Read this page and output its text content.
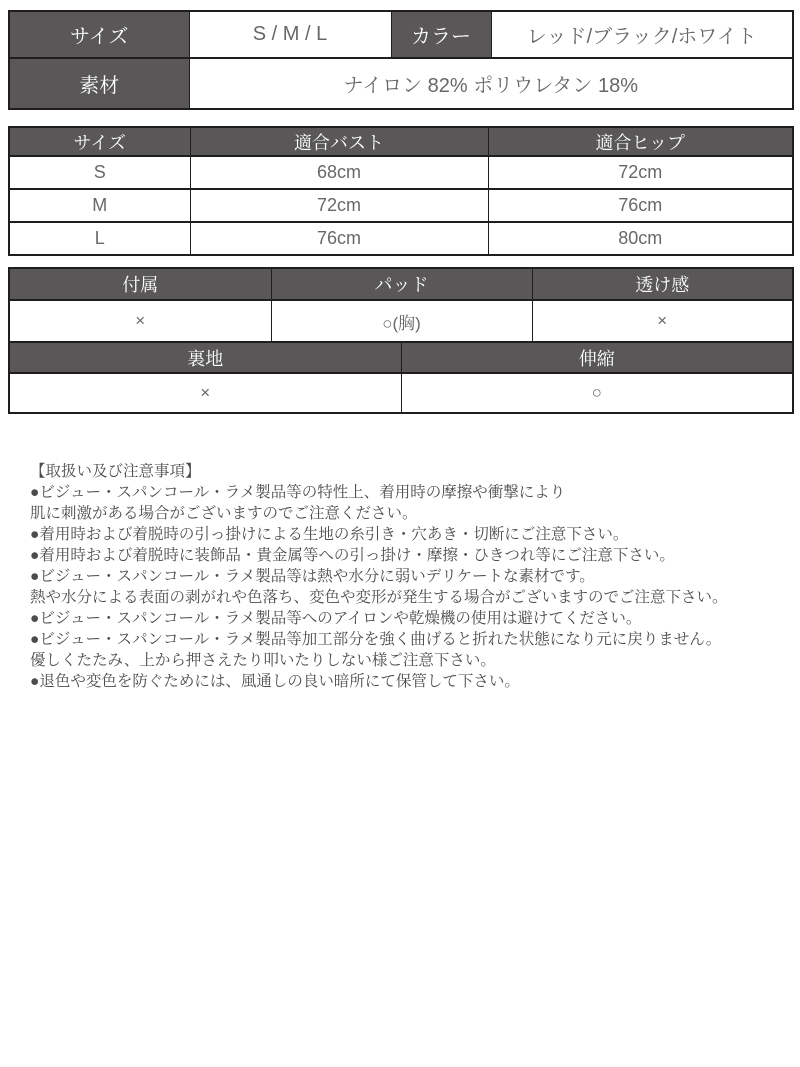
サイズ	S / M / L	カラー	レッド/ブラック/ホワイト
素材	ナイロン 82% ポリウレタン 18%		
サイズ	適合バスト	適合ヒップ
S	68cm	72cm
M	72cm	76cm
L	76cm	80cm
付属	パッド		透け感
×	○(胸)		×
裏地		伸縮	
×		○	
【取扱い及び注意事項】
●ビジュー・スパンコール・ラメ製品等の特性上、着用時の摩擦や衝撃により
肌に刺激がある場合がございますのでご注意ください。
●着用時および着脱時の引っ掛けによる生地の糸引き・穴あき・切断にご注意下さい。
●着用時および着脱時に装飾品・貴金属等への引っ掛け・摩擦・ひきつれ等にご注意下さい。
●ビジュー・スパンコール・ラメ製品等は熱や水分に弱いデリケートな素材です。
熱や水分による表面の剥がれや色落ち、変色や変形が発生する場合がございますのでご注意下さい。
●ビジュー・スパンコール・ラメ製品等へのアイロンや乾燥機の使用は避けてください。
●ビジュー・スパンコール・ラメ製品等加工部分を強く曲げると折れた状態になり元に戻りません。
優しくたたみ、上から押さえたり叩いたりしない様ご注意下さい。
●退色や変色を防ぐためには、風通しの良い暗所にて保管して下さい。
